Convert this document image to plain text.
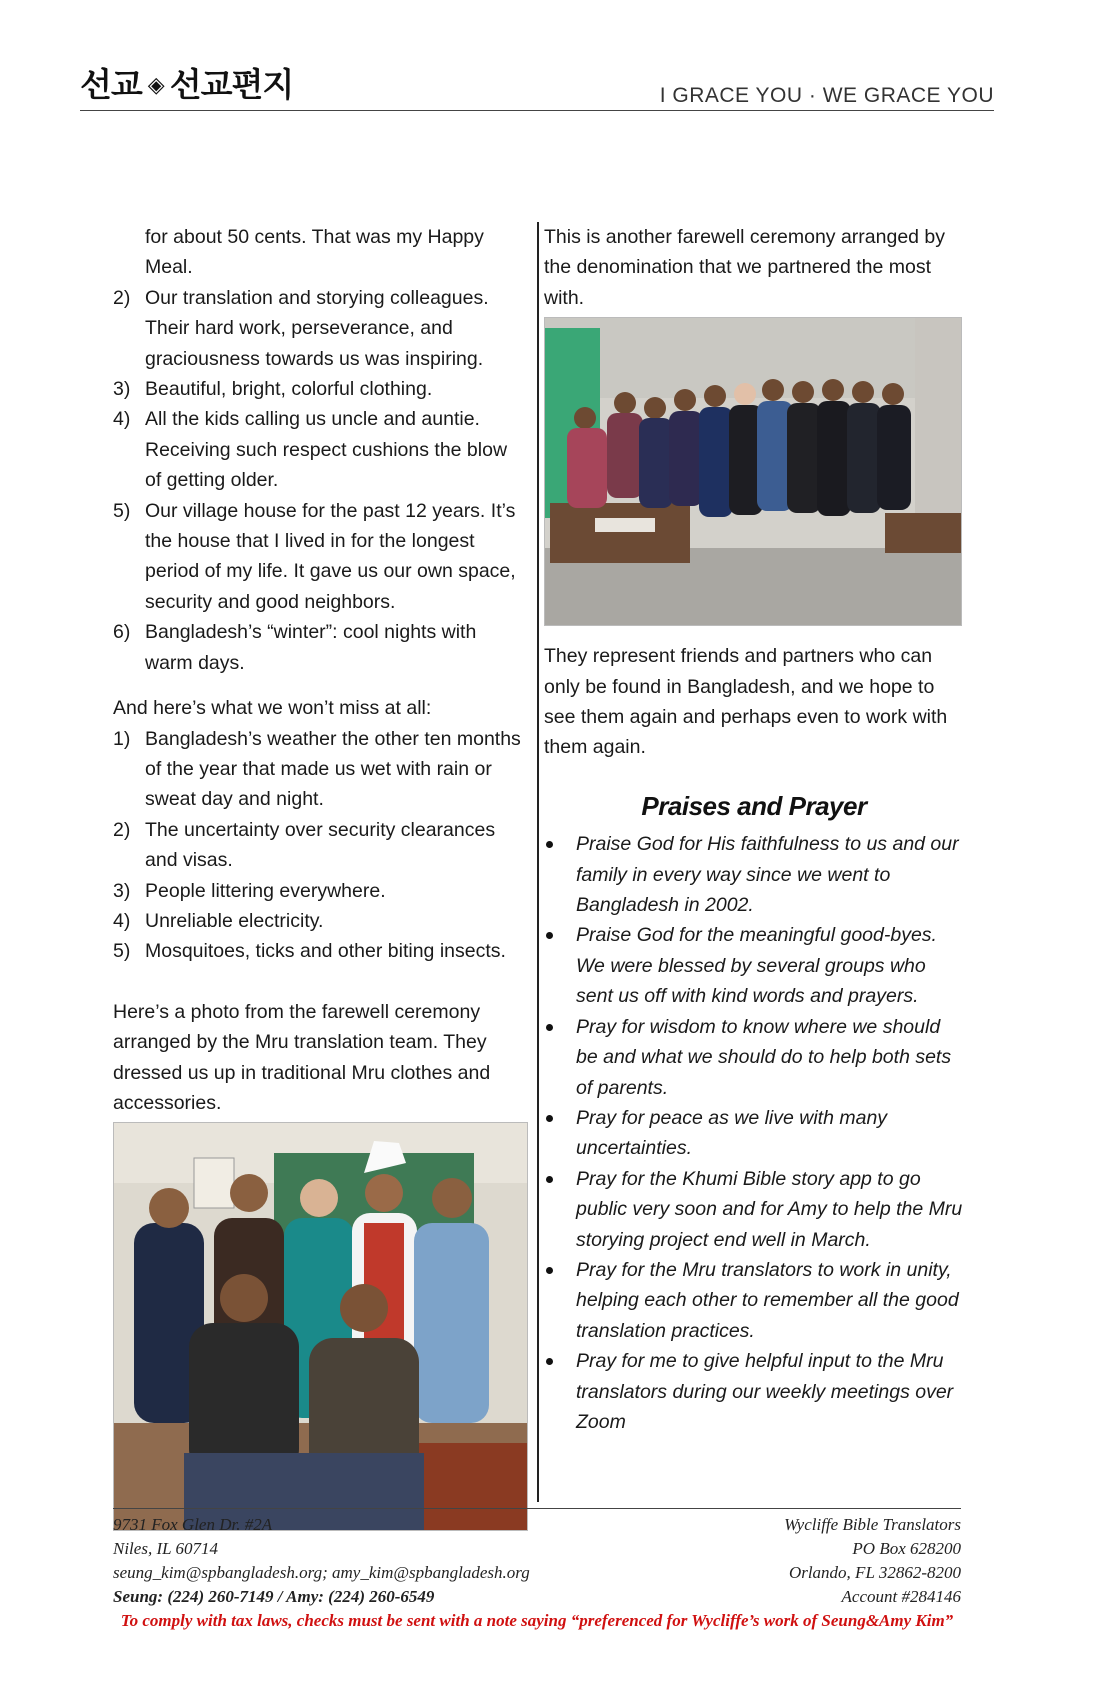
선교 ◈ 선교편지	I GRACE YOU · WE GRACE YOU

for about 50 cents. That was my Happy Meal.

2) Our translation and storying colleagues. Their hard work, perseverance, and graciousness towards us was inspiring.
3) Beautiful, bright, colorful clothing.
4) All the kids calling us uncle and auntie. Receiving such respect cushions the blow of getting older.
5) Our village house for the past 12 years. It’s the house that I lived in for the longest period of my life. It gave us our own space, security and good neighbors.
6) Bangladesh’s “winter”: cool nights with warm days.

And here’s what we won’t miss at all:

1) Bangladesh’s weather the other ten months of the year that made us wet with rain or sweat day and night.
2) The uncertainty over security clearances and visas.
3) People littering everywhere.
4) Unreliable electricity.
5) Mosquitoes, ticks and other biting insects.

Here’s a photo from the farewell ceremony arranged by the Mru translation team. They dressed us up in traditional Mru clothes and accessories.

This is another farewell ceremony arranged by the denomination that we partnered the most with.

They represent friends and partners who can only be found in Bangladesh, and we hope to see them again and perhaps even to work with them again.

Praises and Prayer
Praise God for His faithfulness to us and our family in every way since we went to Bangladesh in 2002.
Praise God for the meaningful good-byes. We were blessed by several groups who sent us off with kind words and prayers.
Pray for wisdom to know where we should be and what we should do to help both sets of parents.
Pray for peace as we live with many uncertainties.
Pray for the Khumi Bible story app to go public very soon and for Amy to help the Mru storying project end well in March.
Pray for the Mru translators to work in unity, helping each other to remember all the good translation practices.
Pray for me to give helpful input to the Mru translators during our weekly meetings over Zoom
9731 Fox Glen Dr. #2A	Wycliffe Bible Translators
Niles, IL 60714	PO Box 628200
seung_kim@spbangladesh.org; amy_kim@spbangladesh.org	Orlando, FL 32862-8200
Seung: (224) 260-7149 / Amy: (224) 260-6549	Account #284146
To comply with tax laws, checks must be sent with a note saying “preferenced for Wycliffe’s work of Seung&Amy Kim”
